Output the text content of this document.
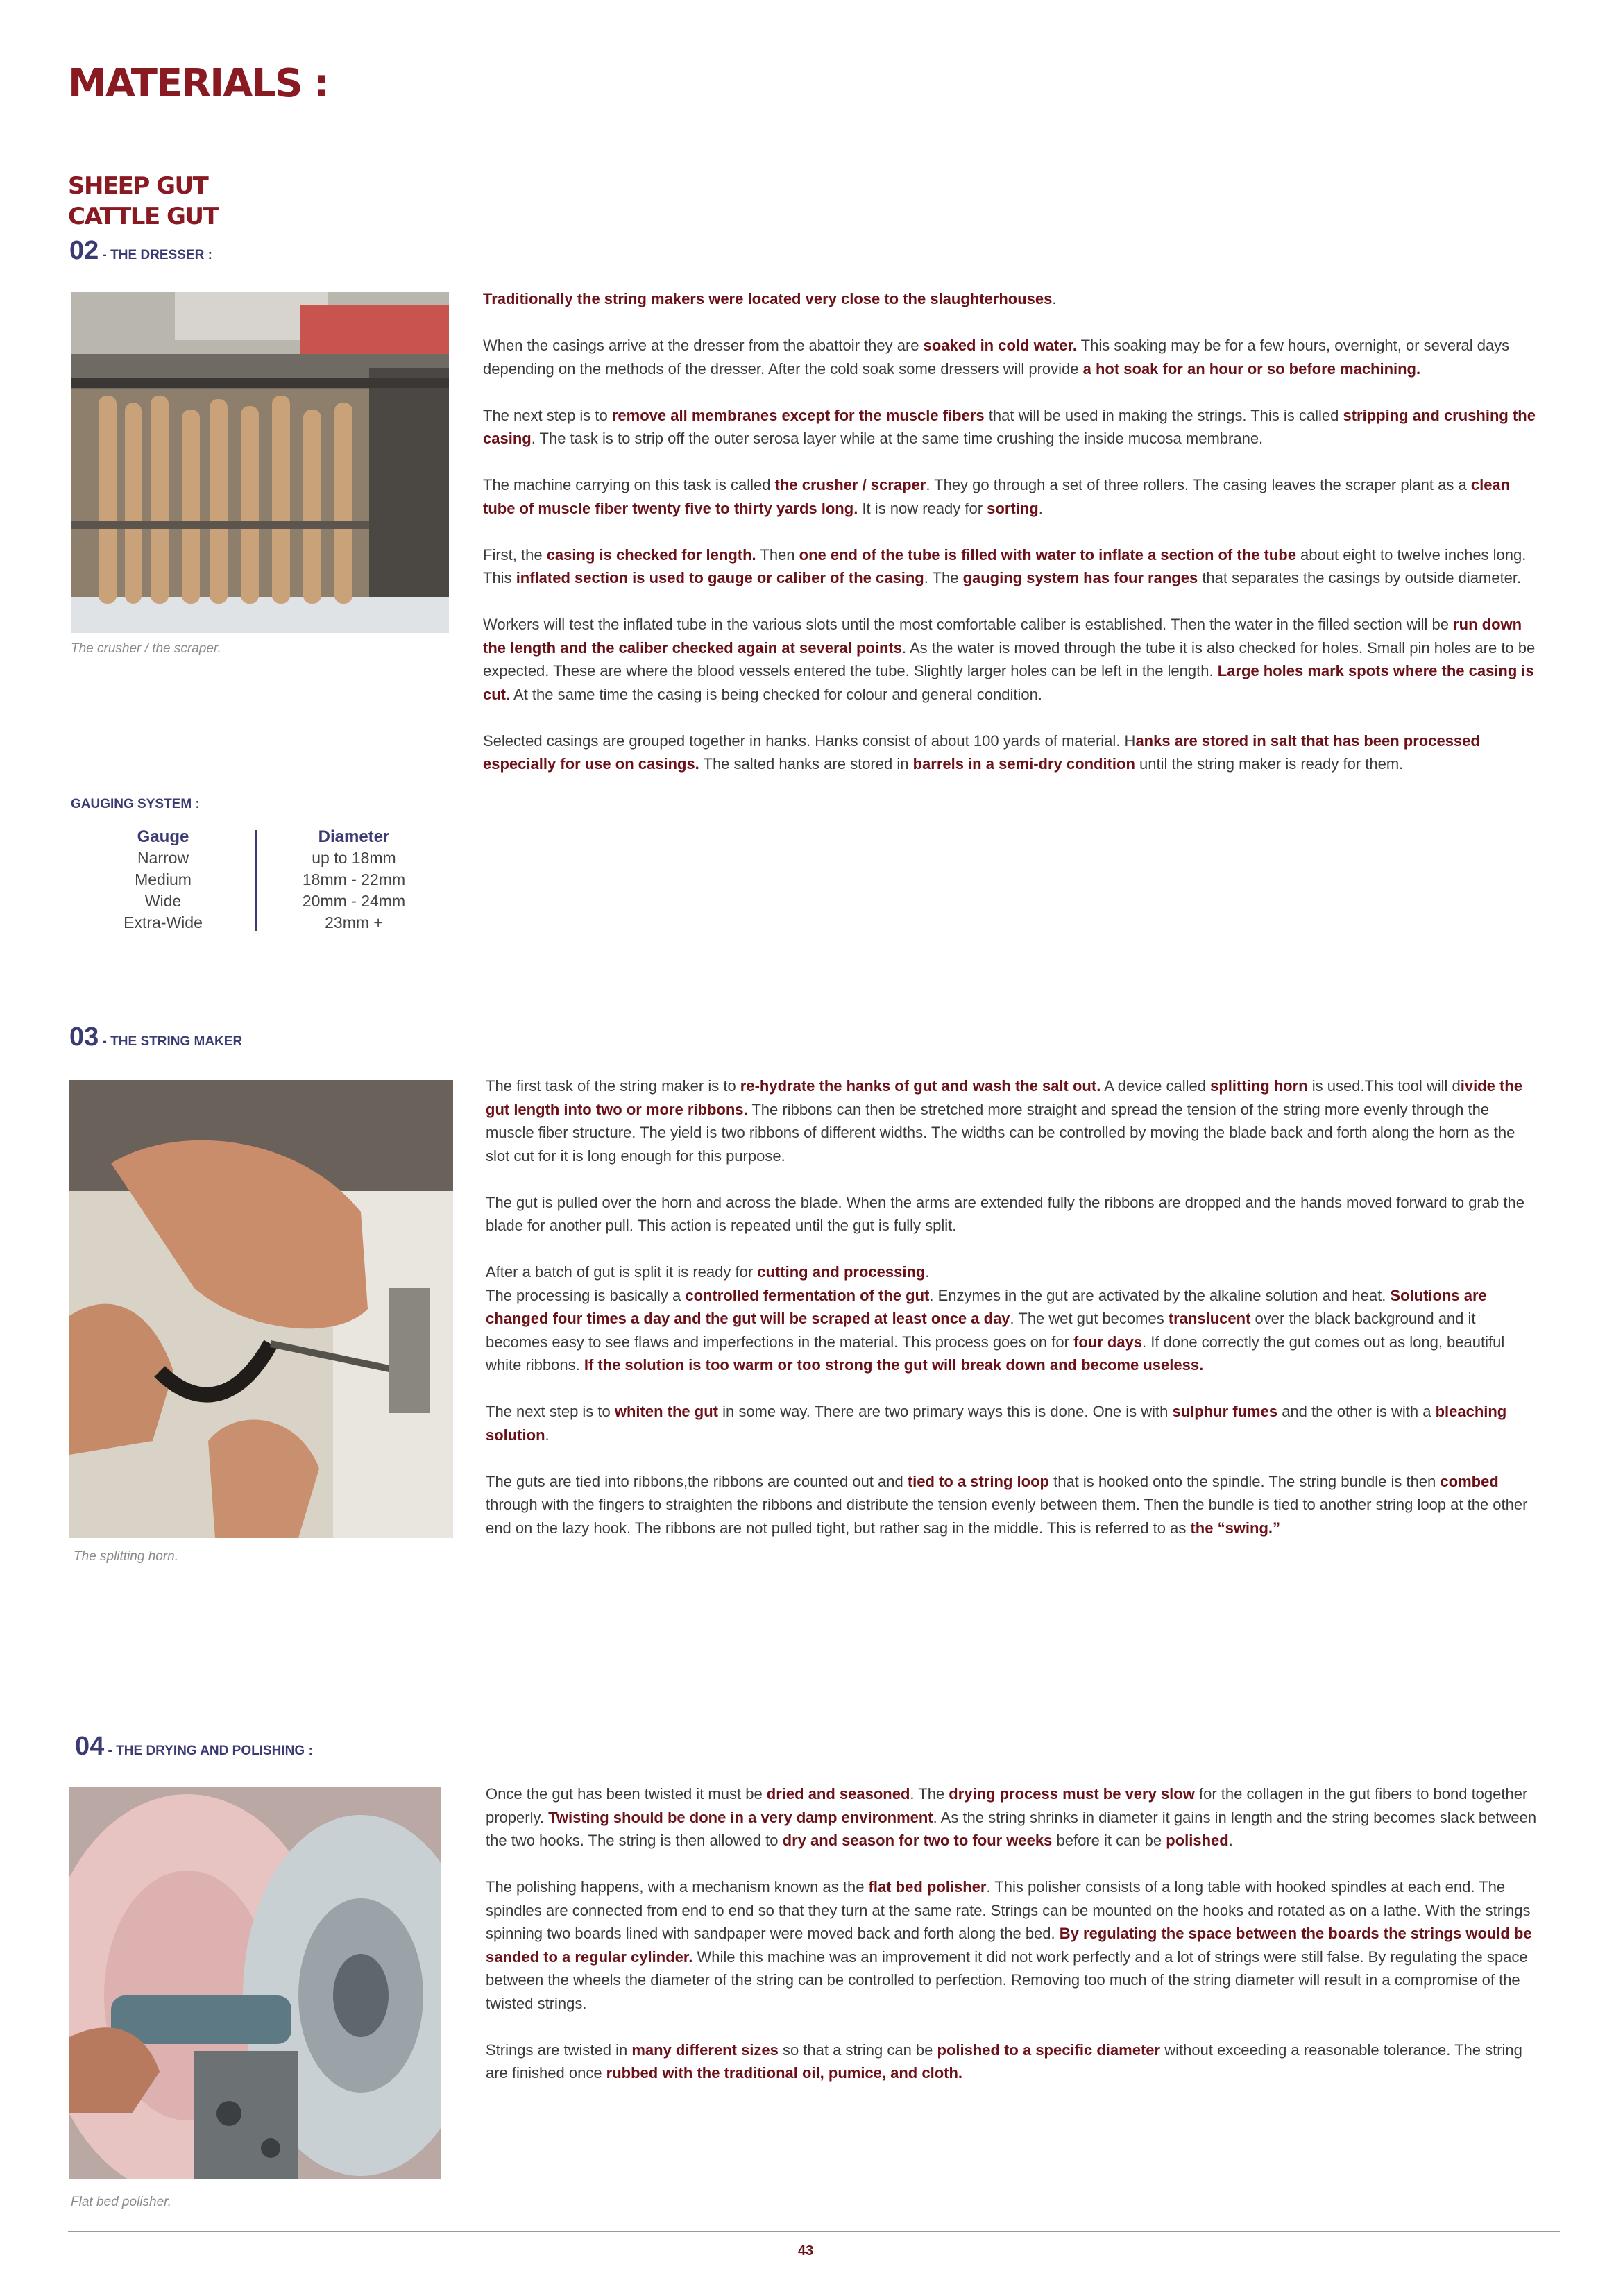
MATERIALS :
SHEEP GUT
CATTLE GUT
02 - THE DRESSER :
The crusher / the scraper.

Traditionally the string makers were located very close to the slaughterhouses.

When the casings arrive at the dresser from the abattoir they are soaked in cold water. This soaking may be for a few hours, overnight, or several days depending on the methods of the dresser. After the cold soak some dressers will provide a hot soak for an hour or so before machining.

The next step is to remove all membranes except for the muscle fibers that will be used in making the strings. This is called stripping and crushing the casing. The task is to strip off the outer serosa layer while at the same time crushing the inside mucosa membrane.

The machine carrying on this task is called the crusher / scraper. They go through a set of three rollers. The casing leaves the scraper plant as a clean tube of muscle fiber twenty five to thirty yards long. It is now ready for sorting.

First, the casing is checked for length. Then one end of the tube is filled with water to inflate a section of the tube about eight to twelve inches long. This inflated section is used to gauge or caliber of the casing. The gauging system has four ranges that separates the casings by outside diameter.

Workers will test the inflated tube in the various slots until the most comfortable caliber is established. Then the water in the filled section will be run down the length and the caliber checked again at several points. As the water is moved through the tube it is also checked for holes. Small pin holes are to be expected. These are where the blood vessels entered the tube. Slightly larger holes can be left in the length. Large holes mark spots where the casing is cut. At the same time the casing is being checked for colour and general condition.

Selected casings are grouped together in hanks. Hanks consist of about 100 yards of material. Hanks are stored in salt that has been processed especially for use on casings. The salted hanks are stored in barrels in a semi-dry condition until the string maker is ready for them.

GAUGING SYSTEM :
Gauge
Narrow
Medium
Wide
Extra-Wide
Diameter
up to 18mm
18mm - 22mm
20mm - 24mm
23mm +
03 - THE STRING MAKER
The splitting horn.

The first task of the string maker is to re-hydrate the hanks of gut and wash the salt out. A device called splitting horn is used.This tool will divide the gut length into two or more ribbons. The ribbons can then be stretched more straight and spread the tension of the string more evenly through the muscle fiber structure. The yield is two ribbons of different widths. The widths can be controlled by moving the blade back and forth along the horn as the slot cut for it is long enough for this purpose.

The gut is pulled over the horn and across the blade. When the arms are extended fully the ribbons are dropped and the hands moved forward to grab the blade for another pull. This action is repeated until the gut is fully split.

After a batch of gut is split it is ready for cutting and processing.

The processing is basically a controlled fermentation of the gut. Enzymes in the gut are activated by the alkaline solution and heat. Solutions are changed four times a day and the gut will be scraped at least once a day. The wet gut becomes translucent over the black background and it becomes easy to see flaws and imperfections in the material. This process goes on for four days. If done correctly the gut comes out as long, beautiful white ribbons. If the solution is too warm or too strong the gut will break down and become useless.

The next step is to whiten the gut in some way. There are two primary ways this is done. One is with sulphur fumes and the other is with a bleaching solution.

The guts are tied into ribbons,the ribbons are counted out and tied to a string loop that is hooked onto the spindle. The string bundle is then combed through with the fingers to straighten the ribbons and distribute the tension evenly between them. Then the bundle is tied to another string loop at the other end on the lazy hook. The ribbons are not pulled tight, but rather sag in the middle. This is referred to as the “swing.”

04 - THE DRYING AND POLISHING :
Flat bed polisher.

Once the gut has been twisted it must be dried and seasoned. The drying process must be very slow for the collagen in the gut fibers to bond together properly. Twisting should be done in a very damp environment. As the string shrinks in diameter it gains in length and the string becomes slack between the two hooks. The string is then allowed to dry and season for two to four weeks before it can be polished.

The polishing happens, with a mechanism known as the flat bed polisher. This polisher consists of a long table with hooked spindles at each end. The spindles are connected from end to end so that they turn at the same rate. Strings can be mounted on the hooks and rotated as on a lathe. With the strings spinning two boards lined with sandpaper were moved back and forth along the bed. By regulating the space between the boards the strings would be sanded to a regular cylinder. While this machine was an improvement it did not work perfectly and a lot of strings were still false. By regulating the space between the wheels the diameter of the string can be controlled to perfection. Removing too much of the string diameter will result in a compromise of the twisted strings.

Strings are twisted in many different sizes so that a string can be polished to a specific diameter without exceeding a reasonable tolerance. The string are finished once rubbed with the traditional oil, pumice, and cloth.

43
